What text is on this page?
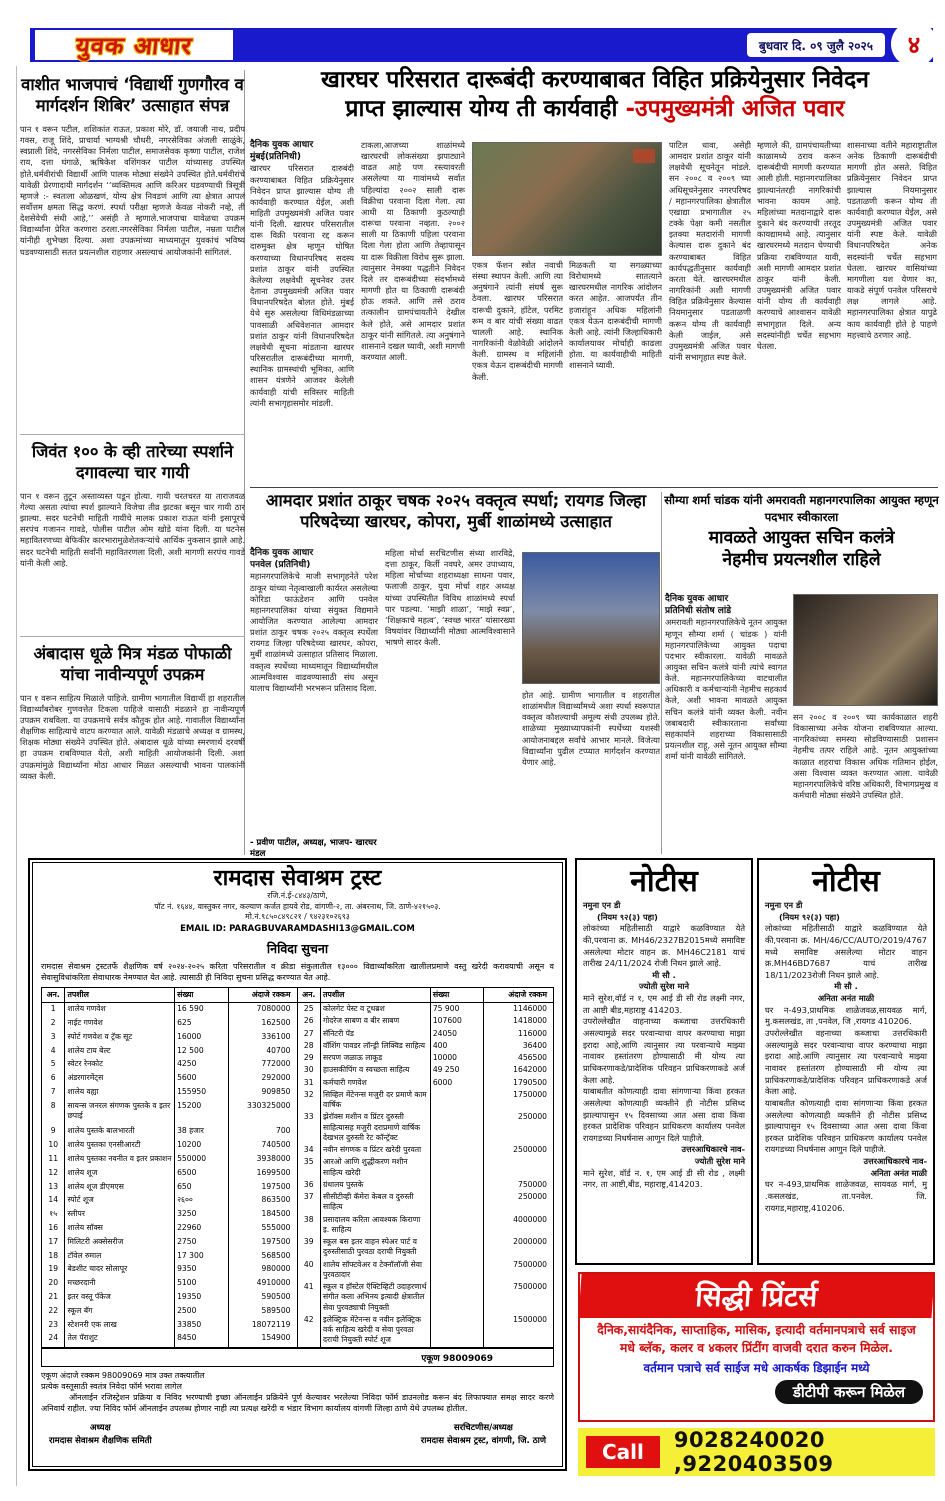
युवक आधार	बुधवार दि. ०९ जुलै २०२५	४
वाशीत भाजपाचं ‘विद्यार्थी गुणगौरव व मार्गदर्शन शिबिर’ उत्साहात संपन्न
पान १ वरून पटील, शशिकांत राऊत, प्रकाश मोरे, डॉ. जयाजी नाथ, प्रदीप गवस, राजू शिंदे, प्राचार्या भाग्यश्री चौधरी, नगरसेविका अंजली साळुंके, स्वप्नाली शिंदे, नगरसेविका निर्मला पाटील, समाजसेवक कृष्णा पाटील, राजेश राय, दत्ता घंगाळे, ऋषिकेश वशिंगकर पाटील यांच्यासह उपस्थित होते.धर्मवीरांची विद्यार्थी आणि पालक मोठ्या संख्येने उपस्थित होते.धर्मवीरांचे यावेळी प्रेरणादायी मार्गदर्शन ‘‘व्यक्तिमत्व आणि करिअर घडवण्याची त्रिसूत्री म्हणजे :- स्वतःला ओळखणं, योग्य क्षेत्र निवडणं आणि त्या क्षेत्रात आपलं सर्वोत्तम क्षमता सिद्ध करणं. स्पर्धा परीक्षा म्हणजे केवळ नोकरी नव्हे, ती देशसेवेची संधी आहे,’’ असंही ते म्हणाले.भाजपाचा यावेळचा उपक्रम विद्यार्थ्यांना प्रेरित करणारा ठरला.नगरसेविका निर्मला पाटील, नम्रता पाटील यांनीही शुभेच्छा दिल्या. अशा उपक्रमांच्या माध्यमातून युवकांचं भविष्य घडवण्यासाठी सतत प्रयत्नशील राहणार असल्याचं आयोजकांनी सांगितलं.
जिवंत १०० के व्ही तारेच्या स्पर्शाने दगावल्या चार गायी
पान १ वरून तुटून अस्ताव्यस्त पडून होत्या. गायी चरतचरत या ताराजवळ गेल्या असता त्यांचा स्पर्श झाल्याने विजेचा तीव्र झटका बसून चार गायी ठार झाल्या. सदर घटनेची माहिती गायींचे मालक प्रकाश राऊत यांनी इसापूरचे सरपंच गजानन गावडे, पोलीस पाटील ओम खोडे यांना दिली. या घटनेस महावितरणच्या बेफिकीर कारभारामुळेशेतकऱ्यांचे आर्थिक नुकसान झाले आहे. सदर घटनेची माहिती सर्वांनी महावितरणला दिली, अशी मागणी सरपंच गावडे यांनी केली आहे.
अंबादास धूळे मित्र मंडळ पोफाळी यांचा नावीन्यपूर्ण उपक्रम
पान १ वरून साहित्य मिळाले पाहिजे. ग्रामीण भागातील विद्यार्थी हा शहरातील विद्यार्थ्यांबरोबर गुणवत्तेत टिकला पाहिजे यासाठी मंडळाने हा नावीन्यपूर्ण उपक्रम राबविला. या उपक्रमाचे सर्वत्र कौतुक होत आहे. गावातील विद्यार्थ्यांना शैक्षणिक साहित्याचे वाटप करण्यात आले. यावेळी मंडळाचे अध्यक्ष व ग्रामस्थ, शिक्षक मोठ्या संख्येने उपस्थित होते. अंबादास धूळे यांच्या स्मरणार्थ दरवर्षी हा उपक्रम राबविण्यात येतो, अशी माहिती आयोजकांनी दिली. अशा उपक्रमांमुळे विद्यार्थ्यांना मोठा आधार मिळत असल्याची भावना पालकांनी व्यक्त केली.
खारघर परिसरात दारूबंदी करण्याबाबत विहित प्रक्रियेनुसार निवेदन
प्राप्त झाल्यास योग्य ती कार्यवाही -उपमुख्यमंत्री अजित पवार
दैनिक युवक आधार
मुंबई(प्रतिनिधी)
खारघर परिसरात दारुबंदी करण्याबाबत विहित प्रक्रियेनुसार निवेदन प्राप्त झाल्यास योग्य ती कार्यवाही करण्यात येईल, अशी माहिती उपमुख्यमंत्री अजित पवार यांनी दिली. खारघर परिसरातील दारू विक्री परवाना रद्द करून दारुमुक्त क्षेत्र म्हणून घोषित करण्याच्या विधानपरिषद सदस्य प्रशांत ठाकूर यांनी उपस्थित केलेल्या लक्षवेधी सूचनेवर उत्तर देताना उपमुख्यमंत्री अजित पवार विधानपरिषदेत बोलत होते. मुंबई येथे सुरु असलेल्या विधिमंडळाच्या पावसाळी अधिवेशनात आमदार प्रशांत ठाकूर यांनी विधानपरिषदेत लक्षवेधी सूचना मांडताना खारघर परिसरातील दारूबंदीच्या मागणी, स्थानिक ग्रामस्थांची भूमिका, आणि शासन यंत्रणेने आजवर केलेली कार्यवाही यांची सविस्तर माहिती त्यांनी सभागृहासमोर मांडली.
टाकला,आजच्या शाळांमध्ये खारघरची लोकसंख्या झपाट्याने वाढत आहे पण रस्त्यावरती असलेल्या या गावांमध्ये सर्वात पहिल्यांदा २००२ साली दारू विक्रीचा परवाना दिला गेला. त्या आधी या ठिकाणी कुठल्याही दारूचा परवाना नव्हता. २००२ साली या ठिकाणी पहिला परवाना दिला गेला होता आणि तेव्हापासून या दारू विक्रीला विरोध सुरू झाला. त्यानुसार नेमक्या पद्धतीने निवेदन दिले तर दारूबंदीच्या संदर्भामध्ये मागणी होत या ठिकाणी दारूबंदी होऊ शकते. आणि तसे ठराव तत्कालीन ग्रामपंचायतीने देखील केले होते, असे आमदार प्रशांत ठाकूर यांनी सांगितले. त्या अनुषंगाने शासनाने दखल घ्यावी, अशी मागणी करण्यात आली.
एकत्र फॅशन स्त्रोत नवाची संस्था स्थापन केली. आणि त्या अनुषंगाने त्यांनी संघर्ष सुरू ठेवला. खारघर परिसरात दारूची दुकाने, हॉटेल, परमिट रूम व बार यांची संख्या वाढत चालली आहे. स्थानिक नागरिकांनी वेळोवेळी आंदोलने केली. ग्रामस्थ व महिलांनी एकत्र येऊन दारूबंदीची मागणी केली.
मिळकती या सगळ्याच्या विरोधामध्ये सातत्याने खारघरमधील नागरिक आंदोलन करत आहेत. आजपर्यंत तीन हजारांहून अधिक महिलांनी एकत्र येऊन दारूबंदीची मागणी केली आहे. त्यांनी जिल्हाधिकारी कार्यालयावर मोर्चाही काढला होता. या कार्यवाहीची माहिती शासनाने घ्यावी.
पाटिल धावा, असेही आमदार प्रशांत ठाकूर यांनी लक्षवेधी सूचनेतून मांडले. सन २००८ व २००९ च्या अधिसूचनेनुसार नगरपरिषद / महानगरपालिका क्षेत्रातील एखाद्या प्रभागातील २५ टक्के पेक्षा कमी नसतील इतक्या मतदारांनी मागणी केल्यास दारू दुकाने बंद करण्याबाबत विहित कार्यपद्धतीनुसार कार्यवाही करता येते. खारघरमधील नागरिकांनी अशी मागणी विहित प्रक्रियेनुसार केल्यास नियमानुसार पडताळणी करून योग्य ती कार्यवाही केली जाईल, असे उपमुख्यमंत्री अजित पवार यांनी सभागृहात स्पष्ट केले.
म्हणाले की, ग्रामपंचायतीच्या काळामध्ये ठराव करून दारूबंदीची मागणी करण्यात आली होती. महानगरपालिका झाल्यानंतरही नागरिकांची भावना कायम आहे. महिलांच्या मतदानाद्वारे दारू दुकाने बंद करण्याची तरतूद कायद्यामध्ये आहे. त्यानुसार खारघरमध्ये मतदान घेण्याची प्रक्रिया राबविण्यात यावी, अशी मागणी आमदार प्रशांत ठाकूर यांनी केली. उपमुख्यमंत्री अजित पवार यांनी योग्य ती कार्यवाही करण्याचे आश्वासन यावेळी सभागृहात दिले. अन्य सदस्यांनीही चर्चेत सहभाग घेतला.
शासनाच्या वतीने महाराष्ट्रातील अनेक ठिकाणी दारूबंदीची मागणी होत असते. विहित प्रक्रियेनुसार निवेदन प्राप्त झाल्यास नियमानुसार पडताळणी करून योग्य ती कार्यवाही करण्यात येईल, असे उपमुख्यमंत्री अजित पवार यांनी स्पष्ट केले. यावेळी विधानपरिषदेत अनेक सदस्यांनी चर्चेत सहभाग घेतला. खारघर वासियांच्या मागणीला यश येणार का, याकडे संपूर्ण पनवेल परिसराचे लक्ष लागले आहे. महानगरपालिका क्षेत्रात यापुढे काय कार्यवाही होते हे पाहणे महत्त्वाचे ठरणार आहे.
आमदार प्रशांत ठाकूर चषक २०२५ वक्तृत्व स्पर्धा; रायगड जिल्हा
परिषदेच्या खारघर, कोपरा, मुर्बी शाळांमध्ये उत्साहात
दैनिक युवक आधार
पनवेल (प्रतिनिधी)
महानगरपालिकेचे माजी सभागृहनेते परेश ठाकूर यांच्या नेतृत्वाखाली कार्यरत असलेल्या कोरिडा फाऊंडेशन आणि पनवेल महानगरपालिका यांच्या संयुक्त विद्यमाने आयोजित करण्यात आलेल्या आमदार प्रशांत ठाकूर चषक २०२५ वक्तृत्व स्पर्धेला रायगड जिल्हा परिषदेच्या खारघर, कोपरा, मुर्बी शाळांमध्ये उत्साहात प्रतिसाद मिळाला. वक्तृत्व स्पर्धेच्या माध्यमातून विद्यार्थ्यांमधील आत्मविश्वास वाढवण्यासाठी संघ असून यालाच विद्यार्थ्यांनी भरभरून प्रतिसाद दिला.
- प्रवीण पाटील, अध्यक्ष, भाजप- खारघर मंडल
महिला मोर्चा सरचिटणीस संध्या शारविद्रे, दत्ता ठाकूर, किर्ती नवघरे, अमर उपाध्याय, महिला मोर्चाच्या शहराध्यक्षा साधना पवार, फलाजी ठाकूर, युवा मोर्चा शहर अध्यक्ष यांच्या उपस्थितीत विविध शाळांमध्ये स्पर्धा पार पडल्या. ‘माझी शाळा’, ‘माझे स्वप्न’, ‘शिक्षकाचे महत्व’, ‘स्वच्छ भारत’ यांसारख्या विषयांवर विद्यार्थ्यांनी मोठ्या आत्मविश्वासाने भाषणे सादर केली.
होत आहे. ग्रामीण भागातील व शहरातील शाळांमधील विद्यार्थ्यांमध्ये अशा स्पर्धा स्वरूपात वक्तृत्व कौशल्याची अमूल्य संधी उपलब्ध होते. शाळेच्या मुख्याध्यापकांनी स्पर्धेच्या यशस्वी आयोजनाबद्दल सर्वांचे आभार मानले. विजेत्या विद्यार्थ्यांना पुढील टप्प्यात मार्गदर्शन करण्यात येणार आहे.
सौम्या शर्मा चांडक यांनी अमरावती महानगरपालिका आयुक्त म्हणून पदभार स्वीकारला
मावळते आयुक्त सचिन कलंत्रे
नेहमीच प्रयत्नशील राहिले
दैनिक युवक आधार
प्रतिनिधी संतोष लांडे
अमरावती महानगरपालिकेचे नूतन आयुक्त म्हणून सौम्या शर्मा ( चांडक ) यांनी महानगरपालिकेच्या आयुक्त पदाचा पदभार स्वीकारला. यावेळी मावळते आयुक्त सचिन कलंत्रे यांनी त्यांचे स्वागत केले. महानगरपालिकेच्या वाटचालीत अधिकारी व कर्मचाऱ्यांनी नेहमीच सहकार्य केले, अशी भावना मावळते आयुक्त सचिन कलंत्रे यांनी व्यक्त केली. नवीन जबाबदारी स्वीकारताना सर्वांच्या सहकार्याने शहराच्या विकासासाठी प्रयत्नशील राहू, असे नूतन आयुक्त सौम्या शर्मा यांनी यावेळी सांगितले.
सन २००८ व २००९ च्या कार्यकाळात शहरी विकासाच्या अनेक योजना राबविण्यात आल्या. नागरिकांच्या समस्या सोडविण्यासाठी प्रशासन नेहमीच तत्पर राहिले आहे. नूतन आयुक्तांच्या काळात शहराचा विकास अधिक गतिमान होईल, असा विश्वास व्यक्त करण्यात आला. यावेळी महानगरपालिकेचे वरिष्ठ अधिकारी, विभागप्रमुख व कर्मचारी मोठ्या संख्येने उपस्थित होते.
रामदास सेवाश्रम ट्रस्ट
रजि.नं.ई-८४४३/ठाणे,
पॉट नं. १६४४, वास्तुकर नगर, कल्याण कर्जत हायवे रोड, वांगणी-२, ता. अंबरनाथ, जि. ठाणे-४२१५०३.
मो.नं.९८५०८४९८२१ / ९४२३१०२६९३
EMAIL ID: PARAGBUVARAMDASHI13@GMAIL.COM
निविदा सुचना
रामदास सेवाश्रम ट्रस्टतर्फे शैक्षणिक वर्ष २०२४-२०२५ करिता परिसरातील व क्रीडा संकुलातील १३००० विद्यार्थ्यांकरिता खालीलप्रमाणे वस्तु खरेदी करावयाची असून व सेवासुविधांकरिता सेवाधारक नेमण्यात येत आहे. त्यासाठी ही निविदा सुचना प्रसिद्ध करण्यात येत आहे.
अन.	तपशील	संख्या	अंदाजे रक्कम
1	शालेय गणवेश	16 590	7080000
2	नाईट गणवेश	625	162500
3	स्पोर्ट गणवेश व ट्रॅक सूट	16000	336100
4	शालेय टाय बेल्ट	12 500	40700
5	स्वेटर रेनकोट	4250	772000
6	अंडरगारमेंट्स	5600	292000
7	शालेय वह्या	155950	909850
8	सायन्स जनरल संगणक पुस्तके व इतर छपाई	15200	330325000
9	शालेय पुस्तके बालभारती	38 हजार	700
10	शालेय पुस्तका एनसीआरटी	10200	740500
11	शालेय पुस्तका नवनीत व इतर प्रकाशन	550000	3938000
12	शालेय शूज	6500	1699500
13	शालेय शूज डीएमएस	650	197500
14	स्पोर्ट शूज	२६००	863500
१५	स्लीपर	3250	184500
16	शालेय सॉक्स	22960	555000
17	मिलिटरी अक्सेसरीज	2750	197500
18	टॉवेल रुमाल	17 300	568500
19	बेडशीट चादर सोलापूर	9350	980000
20	मच्छरदानी	5100	4910000
21	इतर वस्तू पॅकेज	19350	590500
22	स्कूल बॅग	2500	589500
23	स्टेशनरी एक लाख	33850	18072119
24	तेल पॅराशुट	8450	154900
अन.	तपशील	संख्या	अंदाजे रक्कम
25	कोलगेट पेस्ट व टूथब्रश	75 900	1146000
26	गोदरेज साबण व बीर साबण	107600	1418000
27	सॅनिटरी पॅड	24050	116000
28	वॉशिंग पावडर लॉन्ड्री लिक्विड साहित्य	400	36400
29	सरपण जळाऊ लाकूड	10000	456500
30	हाउसकीपिंग व स्वच्छता साहित्य	49 250	1642000
31	कर्मचारी गणवेश	6000	1790500
32	सिव्हिल मेंटेनन्स मजुरी दर प्रमाणे काम वार्षिक		1750000
33	झेरॉक्स मशीन व प्रिंटर दुरुस्ती साहित्यासह मजुरी दराप्रमाणे वार्षिक देखभल दुरुस्ती रेट कॉन्ट्रॅक्ट		250000
34	नवीन संगणक व प्रिंटर खरेदी पुरवता		2500000
35	आरओ आणि शुद्धीकरण मशीन साहित्य खरेदी		
36	ग्रंथालय पुस्तके		750000
37	सीसीटीव्ही कॅमेरा केबल व दुरुस्ती साहित्य		250000
38	प्रसादालय करिता आवश्यक किराणा इ. साहित्य		4000000
39	स्कूल बस इतर वाहन स्पेअर पार्ट व दुरुस्तीसाठी पुरवठा दराची नियुक्ती		2000000
40	शालेय सॉफ्टवेअर व टेक्नॉलॉजी सेवा पुरवठादार		7500000
41	स्कूल व हॉस्टेल ऍक्टिव्हिटी उदाहरणार्थ संगीत कला अभिनय इत्यादी क्षेत्रातील सेवा पुरवठ्याची नियुक्ती		7500000
42	इलेक्ट्रिक मेंटेनन्स व नवीन इलेक्ट्रिक वर्क साहित्य खरेदी व सेवा पुरवठा दराची नियुक्ती स्पोर्ट शूज		1500000
एकूण 98009069
एकूण अंदाजे रक्कम 98009069 मात्र उक्त तक्त्यातील
प्रत्येक वस्तूसाठी स्वतंत्र निवेदा फॉर्म भरावा लागेल
ऑनलाईन रजिस्ट्रेशन प्रक्रिया व निविद भरण्याची इच्छा ऑनलाईन प्रक्रियेने पूर्ण केल्यावर भरलेल्या निविदा फॉर्म डाउनलोड करून बंद लिफाफ्यात समक्ष सादर करणे अनिवार्य राहील. ज्या निविद फॉर्म ऑनलाईन उपलब्ध होणार नाही त्या प्रत्यक्ष खरेदी व भंडार विभाग कार्यालय वांगणी जिल्हा ठाणे येथे उपलब्ध होतील.
अध्यक्ष
रामदास सेवाश्रम शैक्षणिक समिती
सरचिटणीस/अध्यक्ष
रामदास सेवाश्रम ट्रस्ट, वांगणी, जि. ठाणे
नोटीस
नमुना एन डी
(नियम ९२(३) पहा)
लोकांच्या महितीसाठी याद्वारे कळविण्यात येते की,परवाना क्र. MH46/2327B2015मध्ये समाविष्ट असलेल्या मोटार वाहन क्र. MH46C2181 याचं तारीख 24/11/2024 रोजी निधन झाले आहे.
मी सौ .
ज्योती सुरेश माने
माने सुरेश,वॉर्ड न १, एम आई डी सी रोड लक्ष्मी नगर, ता आष्टी बीड,महाराष्ट्र 414203.
उपरोल्लेखीत वाहनाच्या कब्जाचा उत्तरधिकारी असल्यामुळे सदर परवान्याचा वापर करण्याचा माझा इरादा आहे,आणि त्यानुसार त्या परवान्याचे माझ्या नावावर हस्तांतरण होण्यासाठी मी योग्य त्या प्राधिकरणाकडे/प्रादेशिक परिवहन प्राधिकरणाकडे अर्ज केला आहे.
याबाबतीत कोणत्याही दावा सांगणाऱ्या किंवा हरकत असलेल्या कोणत्याही व्यक्तीने ही नोटीस प्रसिध्द झाल्यापासुन १५ दिवसाच्या आत असा दावा किंवा हरकत प्रादेशिक परिवहन प्राधिकरण कार्यालय पनवेल रायगडच्या निधर्षनास आणुन दिले पाहीजे.
उत्तरआधिकारचे नाव-
ज्योती सुरेश माने
माने सुरेश, वॉर्ड न. १, एम आई डी सी रोड , लक्ष्मी नगर, ता आष्टी,बीड, महाराष्ट्र,414203.
नोटीस
नमुना एन डी
(नियम ९२(३) पहा)
लोकांच्या महितीसाठी याद्वारे कळविण्यात येते की,परवाना क्र. MH/46/CC/AUTO/2019/4767 मध्ये समाविष्ट असलेल्या मोटार वाहन क्र.MH46BD7687 याचं तारीख 18/11/2023रोजी निधन झाले आहे.
मी सौ .
अनिता अनंत माळी
घर न-493,प्राथमिक शाळेजवळ,सायवळ मार्ग, मु.कसलखंड, ता ,पनवेल, जि ,रायगड 410206.
उपरोल्लेखीत वहनाच्या कब्जाचा उत्तरधिकारी असल्यामुळे सदर परवान्याचा वापर करण्याचा माझा इरादा आहे.आणि त्यानुसार त्या परवान्याचे माझ्या नावावर हस्तांतरण होण्यासाठी मी योग्य त्या प्राधिकरणाकडे/प्रादेशिक परिवहन प्राधिकरणाकडे अर्ज केला आहे.
याबाबतीत कोणत्याही दावा सांगणाऱ्या किंवा हरकत असलेल्या कोणत्याही व्यक्तीने ही नोटीस प्रसिध्द झाल्यापासुन १५ दिवसाच्या आत असा दावा किंवा हरकत प्रादेशिक परिवहन प्राधिकरण कार्यालय पनवेल रायगडच्या निधर्षनास आणुन दिले पाहीजे.
उत्तरआधिकारचे नाव-
अनिता अनंत माळी
घर न-493,प्राथमिक शाळेजवळ, सायवळ मार्ग, मु .कसलखंड, ता.पनवेल. जि. रायगड,महाराष्ट्र,410206.
सिद्धी प्रिंटर्स
दैनिक,सायंदैनिक, साप्ताहिक, मासिक, इत्यादी वर्तमानपत्राचे सर्व साइज मधे ब्लॅक, कलर व ४कलर प्रिंटींग वाजवी दरात करुन मिळेल.
वर्तमान पत्राचे सर्व साईज मधे आकर्षक डिझाईन मध्ये
डीटीपी करून मिळेल
Call	9028240020 ,9220403509
